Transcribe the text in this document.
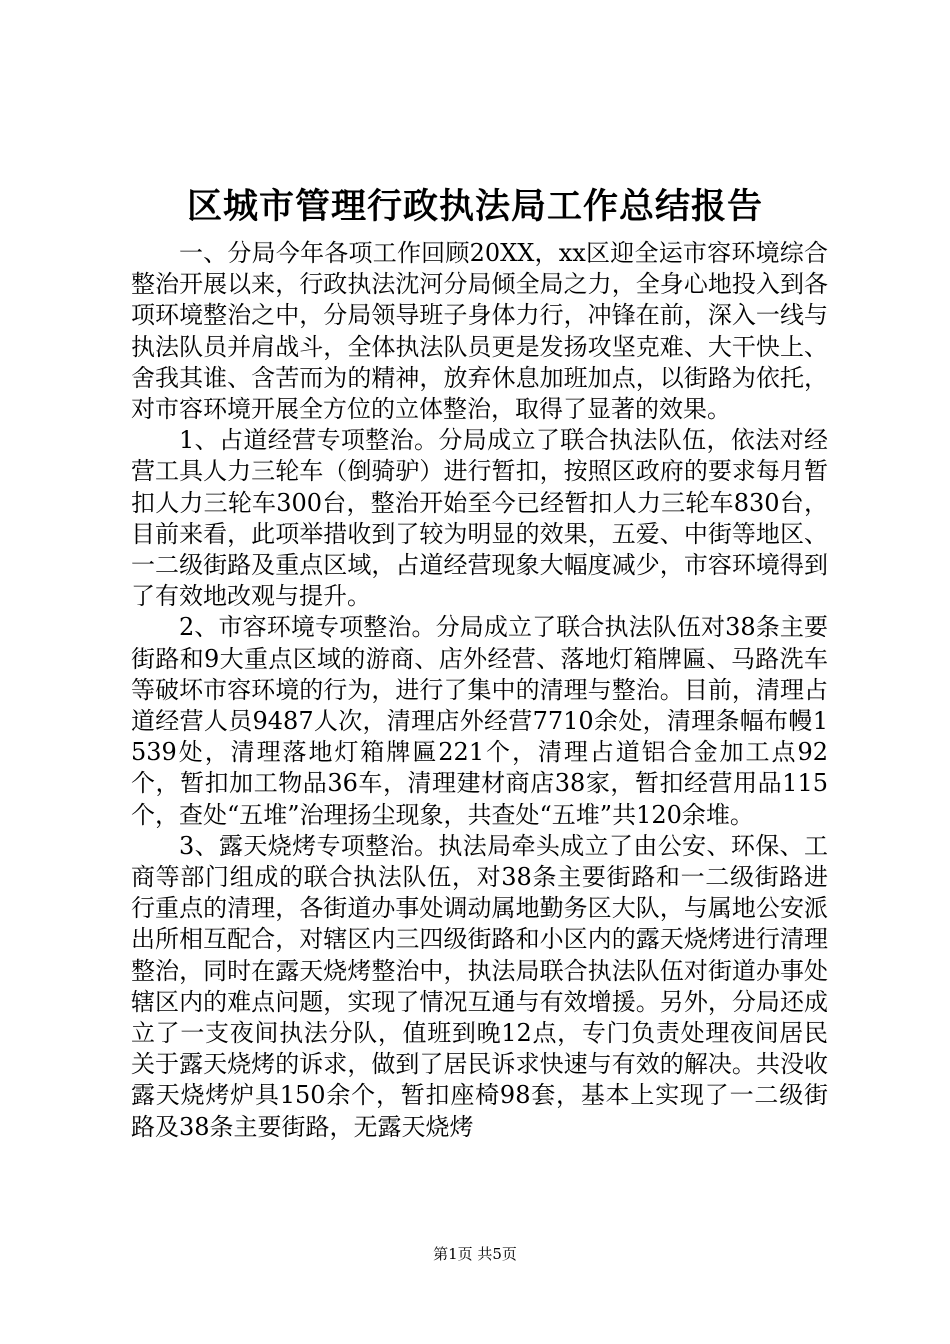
区城市管理行政执法局工作总结报告

一、分局今年各项工作回顾20XX，xx区迎全运市容环境综合整治开展以来，行政执法沈河分局倾全局之力，全身心地投入到各项环境整治之中，分局领导班子身体力行，冲锋在前，深入一线与执法队员并肩战斗，全体执法队员更是发扬攻坚克难、大干快上、舍我其谁、含苦而为的精神，放弃休息加班加点，以街路为依托，对市容环境开展全方位的立体整治，取得了显著的效果。

1、占道经营专项整治。分局成立了联合执法队伍，依法对经营工具人力三轮车（倒骑驴）进行暂扣，按照区政府的要求每月暂扣人力三轮车300台，整治开始至今已经暂扣人力三轮车830台，目前来看，此项举措收到了较为明显的效果，五爱、中街等地区、一二级街路及重点区域，占道经营现象大幅度减少，市容环境得到了有效地改观与提升。

2、市容环境专项整治。分局成立了联合执法队伍对38条主要街路和9大重点区域的游商、店外经营、落地灯箱牌匾、马路洗车等破坏市容环境的行为，进行了集中的清理与整治。目前，清理占道经营人员9487人次，清理店外经营7710余处，清理条幅布幔1539处，清理落地灯箱牌匾221个，清理占道铝合金加工点92个，暂扣加工物品36车，清理建材商店38家，暂扣经营用品115个，查处“五堆”治理扬尘现象，共查处“五堆”共120余堆。

3、露天烧烤专项整治。执法局牵头成立了由公安、环保、工商等部门组成的联合执法队伍，对38条主要街路和一二级街路进行重点的清理，各街道办事处调动属地勤务区大队，与属地公安派出所相互配合，对辖区内三四级街路和小区内的露天烧烤进行清理整治，同时在露天烧烤整治中，执法局联合执法队伍对街道办事处辖区内的难点问题，实现了情况互通与有效增援。另外，分局还成立了一支夜间执法分队，值班到晚12点，专门负责处理夜间居民关于露天烧烤的诉求，做到了居民诉求快速与有效的解决。共没收露天烧烤炉具150余个，暂扣座椅98套，基本上实现了一二级街路及38条主要街路，无露天烧烤

第1页 共5页
